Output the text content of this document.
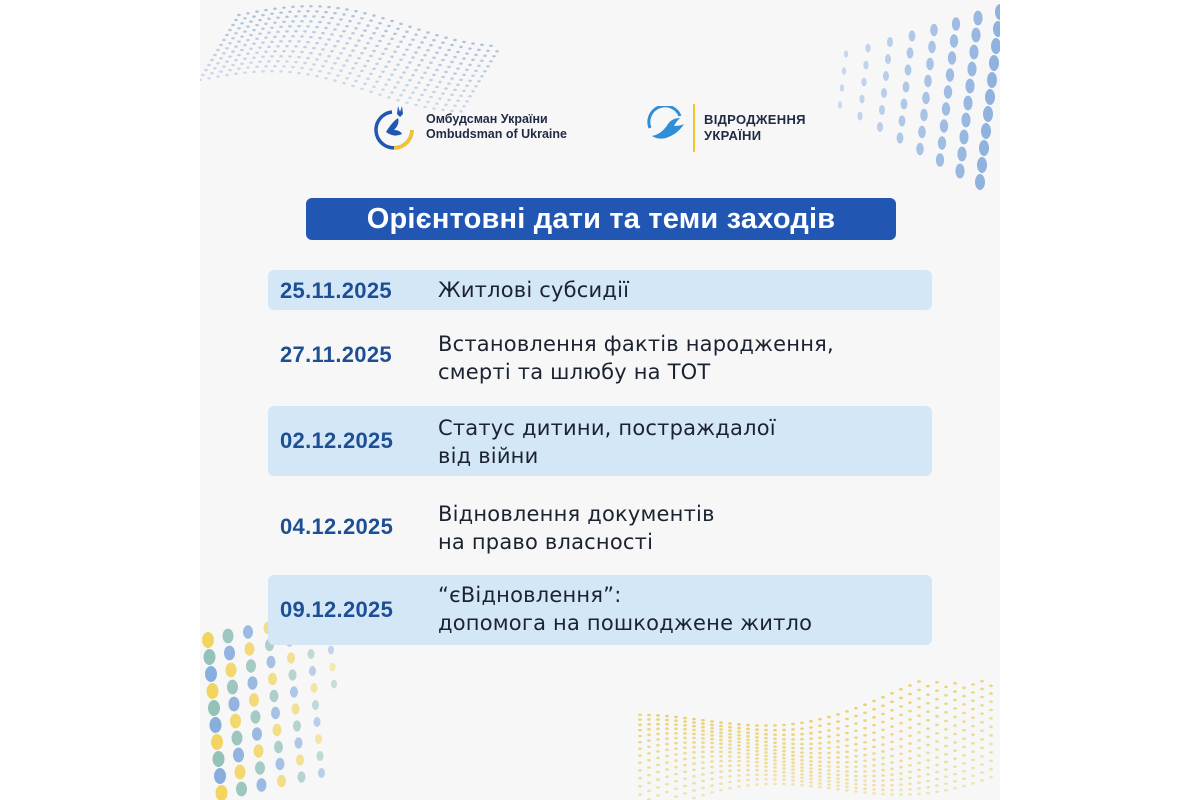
Омбудсман України
Ombudsman of Ukraine
ВІДРОДЖЕННЯ
УКРАЇНИ
Орієнтовні дати та теми заходів
25.11.2025 Житлові субсидії
27.11.2025 Встановлення фактів народження,
смерті та шлюбу на ТОТ
02.12.2025 Статус дитини, постраждалої
від війни
04.12.2025 Відновлення документів
на право власності
09.12.2025
“єВідновлення”:
допомога на пошкоджене житло
